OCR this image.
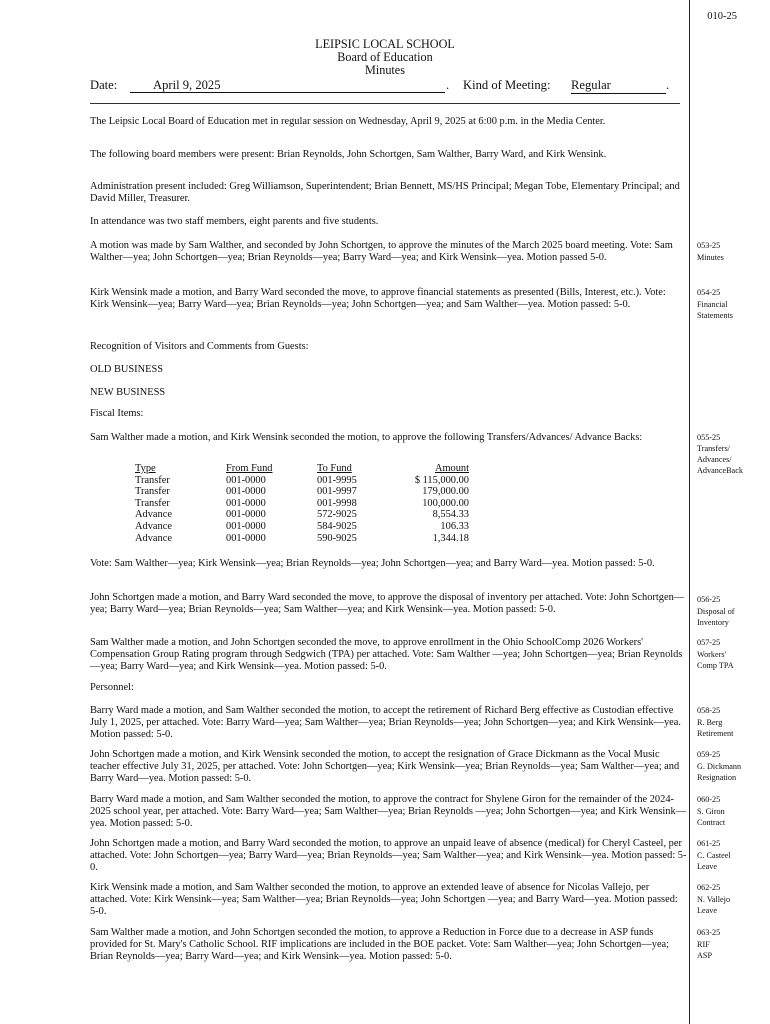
010-25
LEIPSIC LOCAL SCHOOL
Board of Education
Minutes
Date:	April 9, 2025	. Kind of Meeting: Regular	.
The Leipsic Local Board of Education met in regular session on Wednesday, April 9, 2025 at 6:00 p.m. in the Media Center.
The following board members were present: Brian Reynolds, John Schortgen, Sam Walther, Barry Ward, and Kirk Wensink.
Administration present included: Greg Williamson, Superintendent; Brian Bennett, MS/HS Principal; Megan Tobe, Elementary Principal; and David Miller, Treasurer.
In attendance was two staff members, eight parents and five students.
A motion was made by Sam Walther, and seconded by John Schortgen, to approve the minutes of the March 2025 board meeting. Vote: Sam Walther—yea; John Schortgen—yea; Brian Reynolds—yea; Barry Ward—yea; and Kirk Wensink—yea. Motion passed 5-0.
053-25
Minutes
Kirk Wensink made a motion, and Barry Ward seconded the move, to approve financial statements as presented (Bills, Interest, etc.). Vote: Kirk Wensink—yea; Barry Ward—yea; Brian Reynolds—yea; John Schortgen—yea; and Sam Walther—yea. Motion passed: 5-0.
054-25
Financial
Statements
Recognition of Visitors and Comments from Guests:
OLD BUSINESS
NEW BUSINESS
Fiscal Items:
Sam Walther made a motion, and Kirk Wensink seconded the motion, to approve the following Transfers/Advances/ Advance Backs:	055-25
Transfers/
Advances/
AdvanceBack
Type	From Fund	To Fund	Amount
Transfer	001-0000	001-9995	$ 115,000.00
Transfer	001-0000	001-9997	179,000.00
Transfer	001-0000	001-9998	100,000.00
Advance	001-0000	572-9025	8,554.33
Advance	001-0000	584-9025	106.33
Advance	001-0000	590-9025	1,344.18
Vote: Sam Walther—yea; Kirk Wensink—yea; Brian Reynolds—yea; John Schortgen—yea; and Barry Ward—yea. Motion passed: 5-0.
John Schortgen made a motion, and Barry Ward seconded the move, to approve the disposal of inventory per attached. Vote: John Schortgen—yea; Barry Ward—yea; Brian Reynolds—yea; Sam Walther—yea; and Kirk Wensink—yea. Motion passed: 5-0.
056-25
Disposal of
Inventory
Sam Walther made a motion, and John Schortgen seconded the move, to approve enrollment in the Ohio SchoolComp 2026 Workers' Compensation Group Rating program through Sedgwich (TPA) per attached. Vote: Sam Walther —yea; John Schortgen—yea; Brian Reynolds—yea; Barry Ward—yea; and Kirk Wensink—yea. Motion passed: 5-0.
057-25
Workers'
Comp TPA
Personnel:
Barry Ward made a motion, and Sam Walther seconded the motion, to accept the retirement of Richard Berg effective as Custodian effective July 1, 2025, per attached. Vote: Barry Ward—yea; Sam Walther—yea; Brian Reynolds—yea; John Schortgen—yea; and Kirk Wensink—yea. Motion passed: 5-0.
058-25
R. Berg
Retirement
John Schortgen made a motion, and Kirk Wensink seconded the motion, to accept the resignation of Grace Dickmann as the Vocal Music teacher effective July 31, 2025, per attached. Vote: John Schortgen—yea; Kirk Wensink—yea; Brian Reynolds—yea; Sam Walther—yea; and Barry Ward—yea. Motion passed: 5-0.
059-25
G. Dickmann
Resignation
Barry Ward made a motion, and Sam Walther seconded the motion, to approve the contract for Shylene Giron for the remainder of the 2024-2025 school year, per attached. Vote: Barry Ward—yea; Sam Walther—yea; Brian Reynolds —yea; John Schortgen—yea; and Kirk Wensink—yea. Motion passed: 5-0.
060-25
S. Giron
Contract
John Schortgen made a motion, and Barry Ward seconded the motion, to approve an unpaid leave of absence (medical) for Cheryl Casteel, per attached. Vote: John Schortgen—yea; Barry Ward—yea; Brian Reynolds—yea; Sam Walther—yea; and Kirk Wensink—yea. Motion passed: 5-0.
061-25
C. Casteel
Leave
Kirk Wensink made a motion, and Sam Walther seconded the motion, to approve an extended leave of absence for Nicolas Vallejo, per attached. Vote: Kirk Wensink—yea; Sam Walther—yea; Brian Reynolds—yea; John Schortgen —yea; and Barry Ward—yea. Motion passed: 5-0.
062-25
N. Vallejo
Leave
Sam Walther made a motion, and John Schortgen seconded the motion, to approve a Reduction in Force due to a decrease in ASP funds provided for St. Mary's Catholic School. RIF implications are included in the BOE packet. Vote: Sam Walther—yea; John Schortgen—yea; Brian Reynolds—yea; Barry Ward—yea; and Kirk Wensink—yea. Motion passed: 5-0.
063-25
RIF
ASP
